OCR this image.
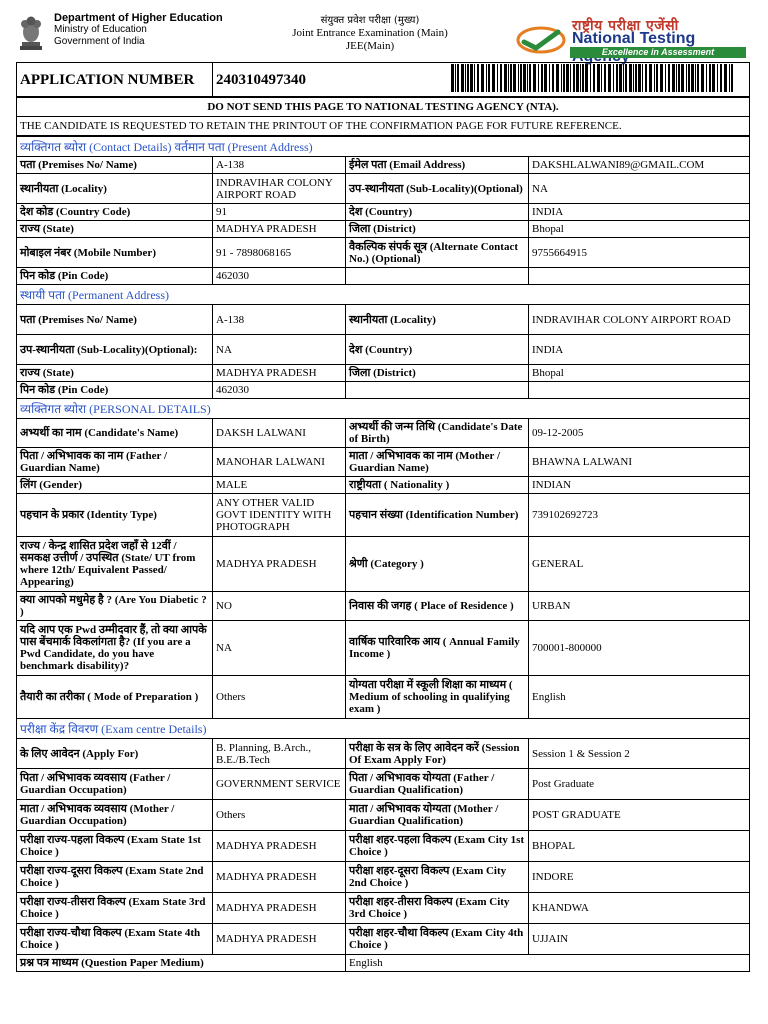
Department of Higher Education
Ministry of Education
Government of India
संयुक्त प्रवेश परीक्षा (मुख्य)
Joint Entrance Examination (Main)
JEE(Main)
राष्ट्रीय परीक्षा एजेंसी
National Testing
Excellence in Assessment
APPLICATION NUMBER	240310497340	
DO NOT SEND THIS PAGE TO NATIONAL TESTING AGENCY (NTA).
THE CANDIDATE IS REQUESTED TO RETAIN THE PRINTOUT OF THE CONFIRMATION PAGE FOR FUTURE REFERENCE.
व्यक्तिगत ब्योरा (Contact Details) वर्तमान पता (Present Address)			
पता (Premises No/ Name)	A-138	ईमेल पता (Email Address)	DAKSHLALWANI89@GMAIL.COM
स्थानीयता (Locality)	INDRAVIHAR COLONY AIRPORT ROAD	उप-स्थानीयता (Sub-Locality)(Optional)	NA
देश कोड (Country Code)	91	देश (Country)	INDIA
राज्य (State)	MADHYA PRADESH	जिला (District)	Bhopal
मोबाइल नंबर (Mobile Number)	91 - 7898068165	वैकल्पिक संपर्क सूत्र (Alternate Contact No.) (Optional)	9755664915
पिन कोड (Pin Code)	462030		
स्थायी पता (Permanent Address)			
पता (Premises No/ Name)	A-138	स्थानीयता (Locality)	INDRAVIHAR COLONY AIRPORT ROAD
उप-स्थानीयता (Sub-Locality)(Optional):	NA	देश (Country)	INDIA
राज्य (State)	MADHYA PRADESH	जिला (District)	Bhopal
पिन कोड (Pin Code)	462030		
व्यक्तिगत ब्योरा (PERSONAL DETAILS)			
अभ्यर्थी का नाम (Candidate's Name)	DAKSH LALWANI	अभ्यर्थी की जन्म तिथि (Candidate's Date of Birth)	09-12-2005
पिता / अभिभावक का नाम (Father / Guardian Name)	MANOHAR LALWANI	माता / अभिभावक का नाम (Mother / Guardian Name)	BHAWNA LALWANI
लिंग (Gender)	MALE	राष्ट्रीयता ( Nationality )	INDIAN
पहचान के प्रकार (Identity Type)	ANY OTHER VALID GOVT IDENTITY WITH PHOTOGRAPH	पहचान संख्या (Identification Number)	739102692723
राज्य / केन्द्र शासित प्रदेश जहाँ से 12वीं / समकक्ष उत्तीर्ण / उपस्थित (State/ UT from where 12th/ Equivalent Passed/ Appearing)	MADHYA PRADESH	श्रेणी (Category )	GENERAL
क्या आपको मधुमेह है ? (Are You Diabetic ? )	NO	निवास की जगह ( Place of Residence )	URBAN
यदि आप एक Pwd उम्मीदवार हैं, तो क्या आपके पास बेंचमार्क विकलांगता है? (If you are a Pwd Candidate, do you have benchmark disability)?	NA	वार्षिक पारिवारिक आय ( Annual Family Income )	700001-800000
तैयारी का तरीका ( Mode of Preparation )	Others	योग्यता परीक्षा में स्कूली शिक्षा का माध्यम ( Medium of schooling in qualifying exam )	English
परीक्षा केंद्र विवरण (Exam centre Details)			
के लिए आवेदन (Apply For)	B. Planning, B.Arch., B.E./B.Tech	परीक्षा के सत्र के लिए आवेदन करें (Session Of Exam Apply For)	Session 1 & Session 2
पिता / अभिभावक व्यवसाय (Father / Guardian Occupation)	GOVERNMENT SERVICE	पिता / अभिभावक योग्यता (Father / Guardian Qualification)	Post Graduate
माता / अभिभावक व्यवसाय (Mother / Guardian Occupation)	Others	माता / अभिभावक योग्यता (Mother / Guardian Qualification)	POST GRADUATE
परीक्षा राज्य-पहला विकल्प (Exam State 1st Choice )	MADHYA PRADESH	परीक्षा शहर-पहला विकल्प (Exam City 1st Choice )	BHOPAL
परीक्षा राज्य-दूसरा विकल्प (Exam State 2nd Choice )	MADHYA PRADESH	परीक्षा शहर-दूसरा विकल्प (Exam City 2nd Choice )	INDORE
परीक्षा राज्य-तीसरा विकल्प (Exam State 3rd Choice )	MADHYA PRADESH	परीक्षा शहर-तीसरा विकल्प (Exam City 3rd Choice )	KHANDWA
परीक्षा राज्य-चौथा विकल्प (Exam State 4th Choice )	MADHYA PRADESH	परीक्षा शहर-चौथा विकल्प (Exam City 4th Choice )	UJJAIN
प्रश्न पत्र माध्यम (Question Paper Medium)		English	
